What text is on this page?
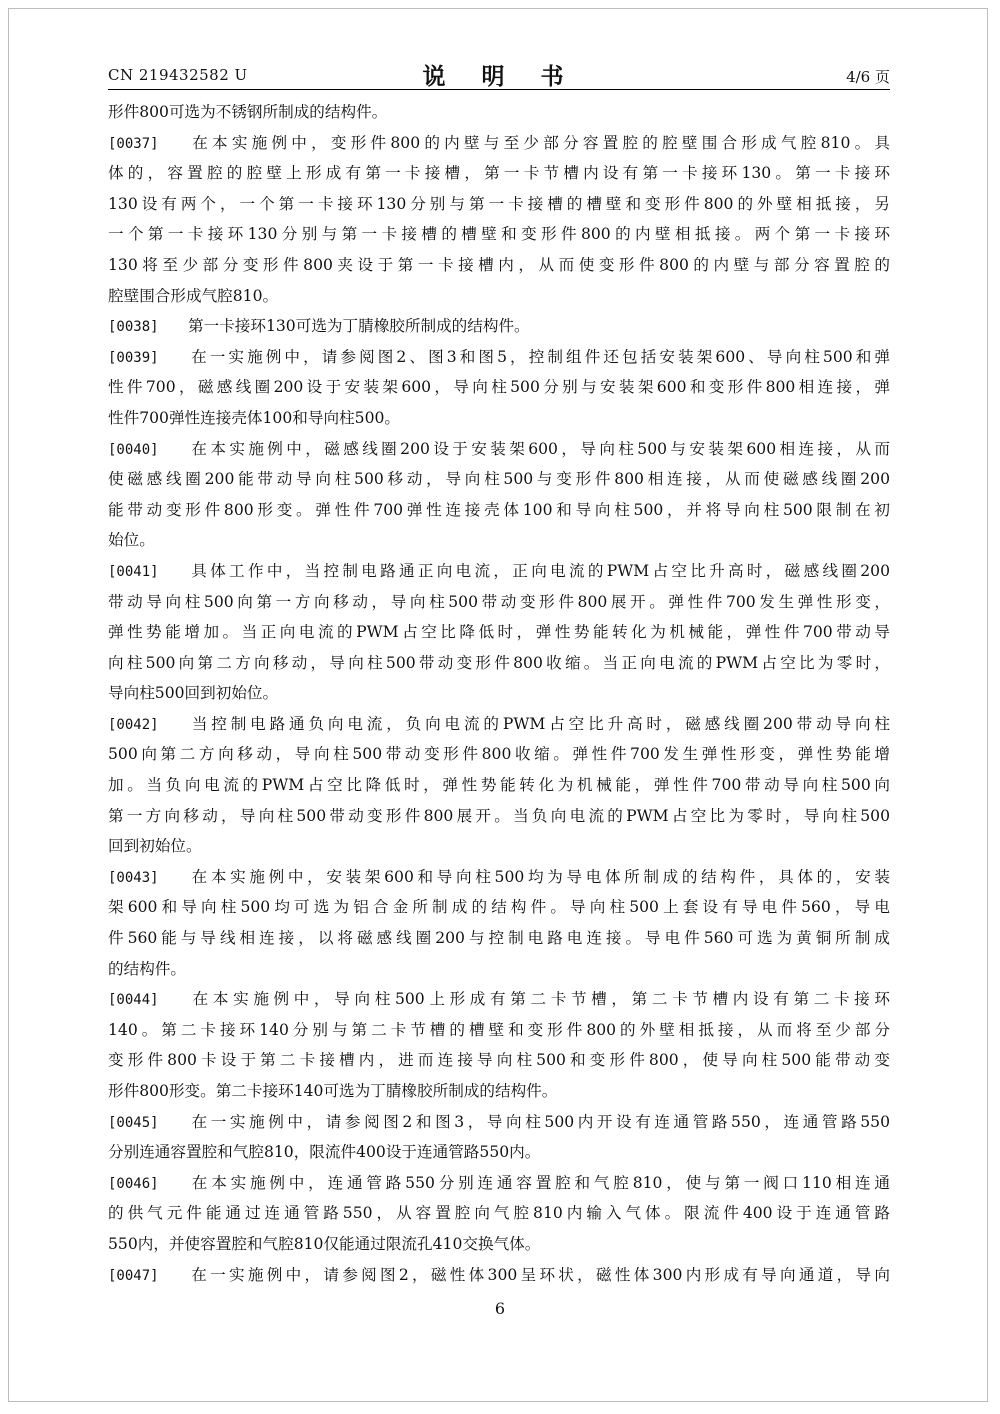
CN 219432582 U	说 明 书	4/6 页
形件800可选为不锈钢所制成的结构件。
[0037] 在本实施例中，变形件800的内壁与至少部分容置腔的腔壁围合形成气腔810。具
体的，容置腔的腔壁上形成有第一卡接槽，第一卡节槽内设有第一卡接环130。第一卡接环
130设有两个，一个第一卡接环130分别与第一卡接槽的槽壁和变形件800的外壁相抵接，另
一个第一卡接环130分别与第一卡接槽的槽壁和变形件800的内壁相抵接。两个第一卡接环
130将至少部分变形件800夹设于第一卡接槽内，从而使变形件800的内壁与部分容置腔的
腔壁围合形成气腔810。
[0038] 第一卡接环130可选为丁腈橡胶所制成的结构件。
[0039] 在一实施例中，请参阅图2、图3和图5，控制组件还包括安装架600、导向柱500和弹
性件700，磁感线圈200设于安装架600，导向柱500分别与安装架600和变形件800相连接，弹
性件700弹性连接壳体100和导向柱500。
[0040] 在本实施例中，磁感线圈200设于安装架600，导向柱500与安装架600相连接，从而
使磁感线圈200能带动导向柱500移动，导向柱500与变形件800相连接，从而使磁感线圈200
能带动变形件800形变。弹性件700弹性连接壳体100和导向柱500，并将导向柱500限制在初
始位。
[0041] 具体工作中，当控制电路通正向电流，正向电流的PWM占空比升高时，磁感线圈200
带动导向柱500向第一方向移动，导向柱500带动变形件800展开。弹性件700发生弹性形变，
弹性势能增加。当正向电流的PWM占空比降低时，弹性势能转化为机械能，弹性件700带动导
向柱500向第二方向移动，导向柱500带动变形件800收缩。当正向电流的PWM占空比为零时，
导向柱500回到初始位。
[0042] 当控制电路通负向电流，负向电流的PWM占空比升高时，磁感线圈200带动导向柱
500向第二方向移动，导向柱500带动变形件800收缩。弹性件700发生弹性形变，弹性势能增
加。当负向电流的PWM占空比降低时，弹性势能转化为机械能，弹性件700带动导向柱500向
第一方向移动，导向柱500带动变形件800展开。当负向电流的PWM占空比为零时，导向柱500
回到初始位。
[0043] 在本实施例中，安装架600和导向柱500均为导电体所制成的结构件，具体的，安装
架600和导向柱500均可选为铝合金所制成的结构件。导向柱500上套设有导电件560，导电
件560能与导线相连接，以将磁感线圈200与控制电路电连接。导电件560可选为黄铜所制成
的结构件。
[0044] 在本实施例中，导向柱500上形成有第二卡节槽，第二卡节槽内设有第二卡接环
140。第二卡接环140分别与第二卡节槽的槽壁和变形件800的外壁相抵接，从而将至少部分
变形件800卡设于第二卡接槽内，进而连接导向柱500和变形件800，使导向柱500能带动变
形件800形变。第二卡接环140可选为丁腈橡胶所制成的结构件。
[0045] 在一实施例中，请参阅图2和图3，导向柱500内开设有连通管路550，连通管路550
分别连通容置腔和气腔810，限流件400设于连通管路550内。
[0046] 在本实施例中，连通管路550分别连通容置腔和气腔810，使与第一阀口110相连通
的供气元件能通过连通管路550，从容置腔向气腔810内输入气体。限流件400设于连通管路
550内，并使容置腔和气腔810仅能通过限流孔410交换气体。
[0047] 在一实施例中，请参阅图2，磁性体300呈环状，磁性体300内形成有导向通道，导向
6
